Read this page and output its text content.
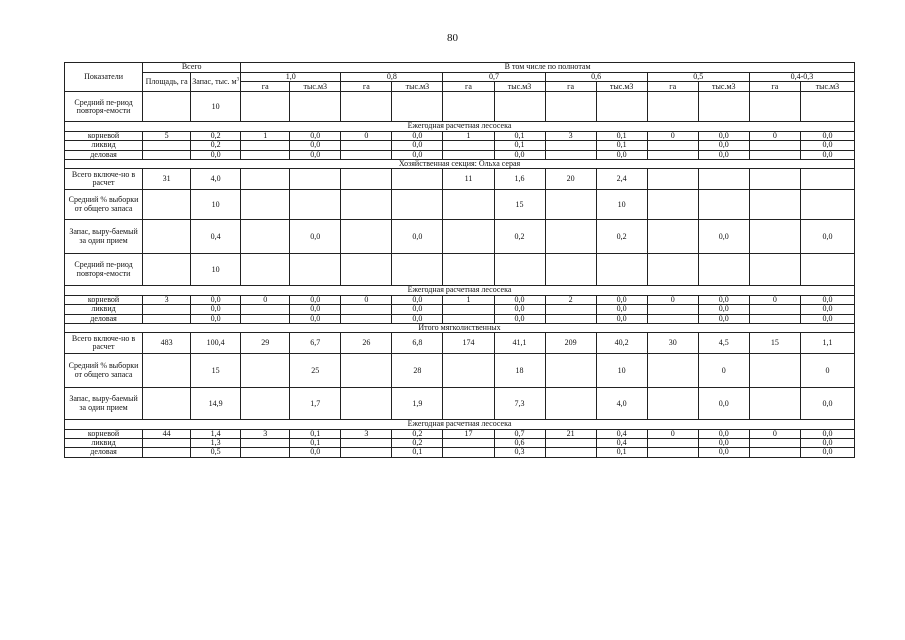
80
Показатели	Всего		В том числе по полнотам											
	Площадь, га	Запас, тыс. $м^3$	1,0		0,8		0,7		0,6		0,5		0,4-0,3	
			га	тыс.м3	га	тыс.м3	га	тыс.м3	га	тыс.м3	га	тыс.м3	га	тыс.м3
Средний пе-риод повторя-емости		10												
Ежегодная расчетная лесосека														
корневой	5	0,2	1	0,0	0	0,0	1	0,1	3	0,1	0	0,0	0	0,0
ликвид		0,2		0,0		0,0		0,1		0,1		0,0		0,0
деловая		0,0		0,0		0,0		0,0		0,0		0,0		0,0
Хозяйственная секция: Ольха серая														
Всего включе-но в расчет	31	4,0					11	1,6	20	2,4				
Средний % выборки от общего запаса		10						15		10				
Запас, выру-баемый за один прием		0,4		0,0		0,0		0,2		0,2		0,0		0,0
Средний пе-риод повторя-емости		10												
Ежегодная расчетная лесосека														
корневой	3	0,0	0	0,0	0	0,0	1	0,0	2	0,0	0	0,0	0	0,0
ликвид		0,0		0,0		0,0		0,0		0,0		0,0		0,0
деловая		0,0		0,0		0,0		0,0		0,0		0,0		0,0
Итого мягколиственных														
Всего включе-но в расчет	483	100,4	29	6,7	26	6,8	174	41,1	209	40,2	30	4,5	15	1,1
Средний % выборки от общего запаса		15		25		28		18		10		0		0
Запас, выру-баемый за один прием		14,9		1,7		1,9		7,3		4,0		0,0		0,0
Ежегодная расчетная лесосека														
корневой	44	1,4	3	0,1	3	0,2	17	0,7	21	0,4	0	0,0	0	0,0
ликвид		1,3		0,1		0,2		0,6		0,4		0,0		0,0
деловая		0,5		0,0		0,1		0,3		0,1		0,0		0,0
